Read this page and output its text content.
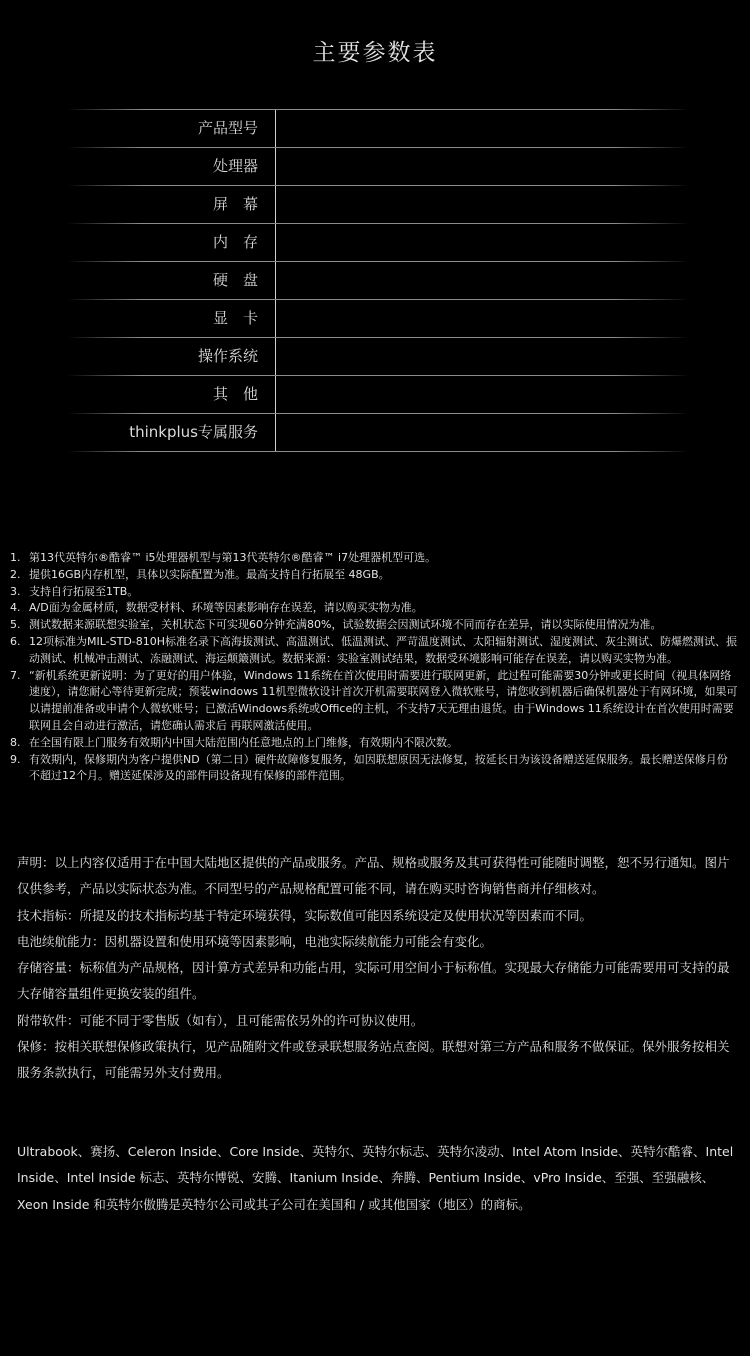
主要参数表
产品型号
处理器
屏　幕
内　存
硬　盘
显　卡
操作系统
其　他
thinkplus专属服务
1. 第13代英特尔®酷睿™ i5处理器机型与第13代英特尔®酷睿™ i7处理器机型可选。
2. 提供16GB内存机型，具体以实际配置为准。最高支持自行拓展至 48GB。
3. 支持自行拓展至1TB。
4. A/D面为金属材质，数据受材料、环境等因素影响存在误差，请以购买实物为准。
5. 测试数据来源联想实验室，关机状态下可实现60分钟充满80%，试验数据会因测试环境不同而存在差异，请以实际使用情况为准。
6. 12项标准为MIL-STD-810H标准名录下高海拔测试、高温测试、低温测试、严苛温度测试、太阳辐射测试、湿度测试、灰尘测试、防爆燃测试、振动测试、机械冲击测试、冻融测试、海运颠簸测试。数据来源：实验室测试结果，数据受环境影响可能存在误差，请以购买实物为准。
7. “新机系统更新说明：为了更好的用户体验，Windows 11系统在首次使用时需要进行联网更新，此过程可能需要30分钟或更长时间（视具体网络速度），请您耐心等待更新完成；预装windows 11机型微软设计首次开机需要联网登入微软账号，请您收到机器后确保机器处于有网环境，如果可以请提前准备或申请个人微软账号；已激活Windows系统或Office的主机，不支持7天无理由退货。由于Windows 11系统设计在首次使用时需要联网且会自动进行激活，请您确认需求后 再联网激活使用。
8. 在全国有限上门服务有效期内中国大陆范围内任意地点的上门维修，有效期内不限次数。
9. 有效期内，保修期内为客户提供ND（第二日）硬件故障修复服务，如因联想原因无法修复，按延长日为该设备赠送延保服务。最长赠送保修月份不超过12个月。赠送延保涉及的部件同设备现有保修的部件范围。

声明：以上内容仅适用于在中国大陆地区提供的产品或服务。产品、规格或服务及其可获得性可能随时调整，恕不另行通知。图片仅供参考，产品以实际状态为准。不同型号的产品规格配置可能不同，请在购买时咨询销售商并仔细核对。

技术指标：所提及的技术指标均基于特定环境获得，实际数值可能因系统设定及使用状况等因素而不同。

电池续航能力：因机器设置和使用环境等因素影响，电池实际续航能力可能会有变化。

存储容量：标称值为产品规格，因计算方式差异和功能占用，实际可用空间小于标称值。实现最大存储能力可能需要用可支持的最大存储容量组件更换安装的组件。

附带软件：可能不同于零售版（如有），且可能需依另外的许可协议使用。

保修：按相关联想保修政策执行，见产品随附文件或登录联想服务站点查阅。联想对第三方产品和服务不做保证。保外服务按相关服务条款执行，可能需另外支付费用。

Ultrabook、赛扬、Celeron Inside、Core Inside、英特尔、英特尔标志、英特尔凌动、Intel Atom Inside、英特尔酷睿、Intel Inside、Intel Inside 标志、英特尔博锐、安腾、Itanium Inside、奔腾、Pentium Inside、vPro Inside、至强、至强融核、Xeon Inside 和英特尔傲腾是英特尔公司或其子公司在美国和 / 或其他国家（地区）的商标。
